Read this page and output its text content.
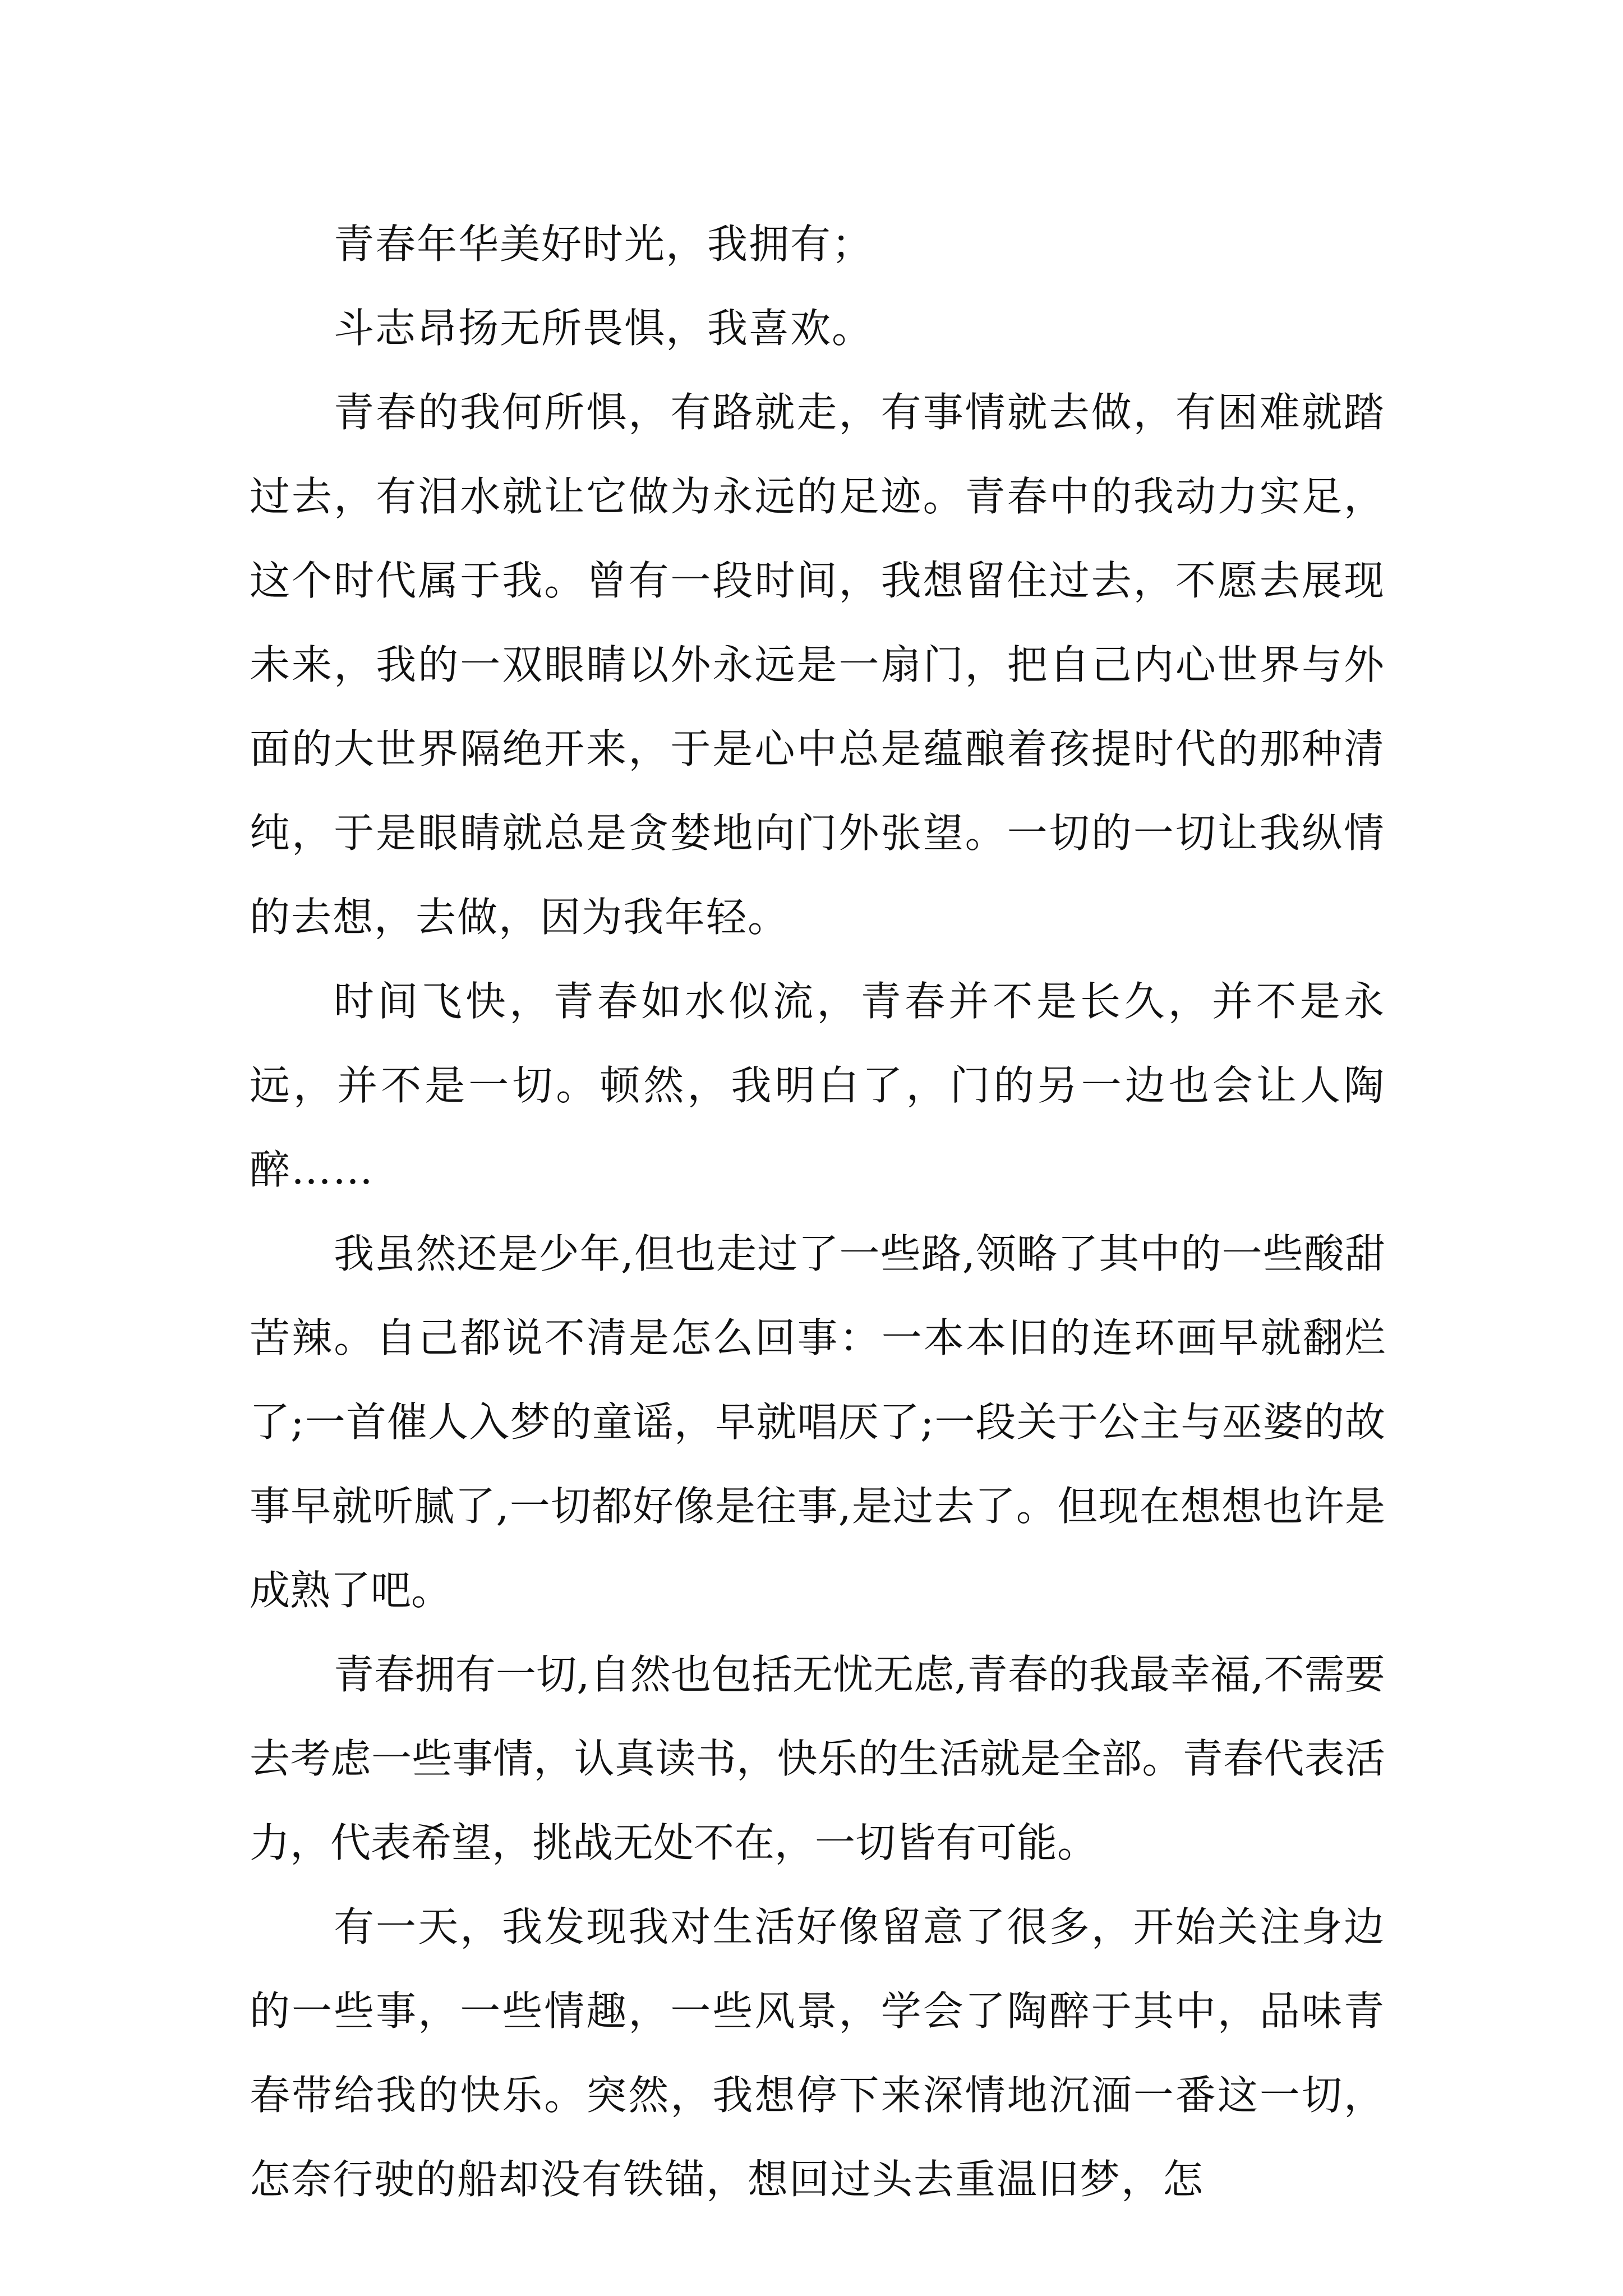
青春年华美好时光，我拥有；

斗志昂扬无所畏惧，我喜欢。

青春的我何所惧，有路就走，有事情就去做，有困难就踏过去，有泪水就让它做为永远的足迹。青春中的我动力实足，这个时代属于我。曾有一段时间，我想留住过去，不愿去展现未来，我的一双眼睛以外永远是一扇门，把自己内心世界与外面的大世界隔绝开来，于是心中总是蕴酿着孩提时代的那种清纯，于是眼睛就总是贪婪地向门外张望。一切的一切让我纵情的去想，去做，因为我年轻。

时间飞快，青春如水似流，青春并不是长久，并不是永远，并不是一切。顿然，我明白了，门的另一边也会让人陶醉……

我虽然还是少年,但也走过了一些路,领略了其中的一些酸甜苦辣。自己都说不清是怎么回事：一本本旧的连环画早就翻烂了;一首催人入梦的童谣，早就唱厌了;一段关于公主与巫婆的故事早就听腻了,一切都好像是往事,是过去了。但现在想想也许是成熟了吧。

青春拥有一切,自然也包括无忧无虑,青春的我最幸福,不需要去考虑一些事情，认真读书，快乐的生活就是全部。青春代表活力，代表希望，挑战无处不在，一切皆有可能。

有一天，我发现我对生活好像留意了很多，开始关注身边的一些事，一些情趣，一些风景，学会了陶醉于其中，品味青春带给我的快乐。突然，我想停下来深情地沉湎一番这一切，怎奈行驶的船却没有铁锚，想回过头去重温旧梦，怎
